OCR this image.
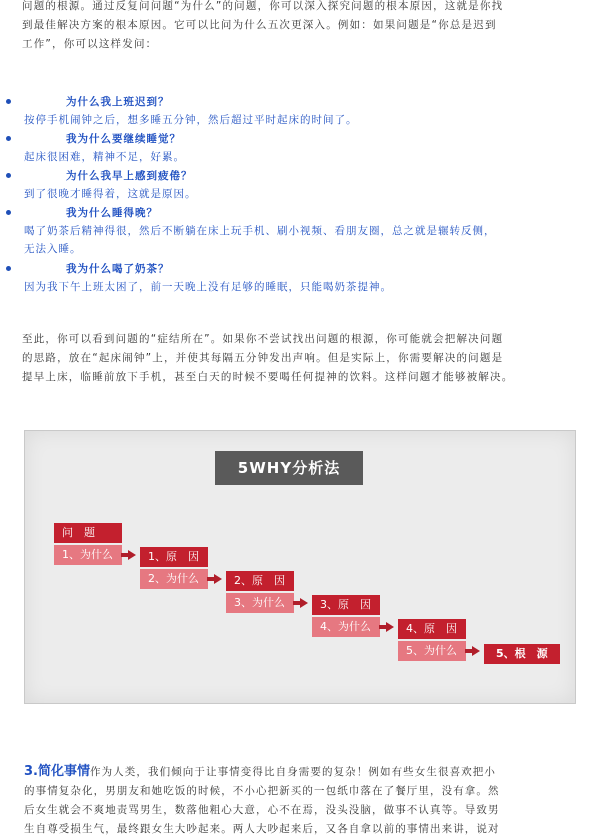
问题的根源。通过反复问问题“为什么”的问题，你可以深入探究问题的根本原因，这就是你找
到最佳解决方案的根本原因。它可以比问为什么五次更深入。例如：如果问题是“你总是迟到
工作”，你可以这样发问：
为什么我上班迟到？
按停手机闹钟之后，想多睡五分钟，然后超过平时起床的时间了。
我为什么要继续睡觉？
起床很困难，精神不足，好累。
为什么我早上感到疲倦？
到了很晚才睡得着，这就是原因。
我为什么睡得晚？
喝了奶茶后精神得很，然后不断躺在床上玩手机、刷小视频、看朋友圈，总之就是辗转反侧，
无法入睡。
我为什么喝了奶茶？
因为我下午上班太困了，前一天晚上没有足够的睡眠，只能喝奶茶提神。
至此，你可以看到问题的“症结所在”。如果你不尝试找出问题的根源，你可能就会把解决问题
的思路，放在“起床闹钟”上，并使其每隔五分钟发出声响。但是实际上，你需要解决的问题是
提早上床，临睡前放下手机，甚至白天的时候不要喝任何提神的饮料。这样问题才能够被解决。
5WHY分析法
问　题
1、为什么	1、原　因
2、为什么	2、原　因
3、为什么	3、原　因
4、为什么	4、原　因
5、为什么	5、根　源
3.简化事情作为人类，我们倾向于让事情变得比自身需要的复杂！例如有些女生很喜欢把小
的事情复杂化，男朋友和她吃饭的时候，不小心把新买的一包纸巾落在了餐厅里，没有拿。然
后女生就会不爽地责骂男生，数落他粗心大意，心不在焉，没头没脑，做事不认真等。导致男
生自尊受损生气，最终跟女生大吵起来。两人大吵起来后，又各自拿以前的事情出来讲，说对
